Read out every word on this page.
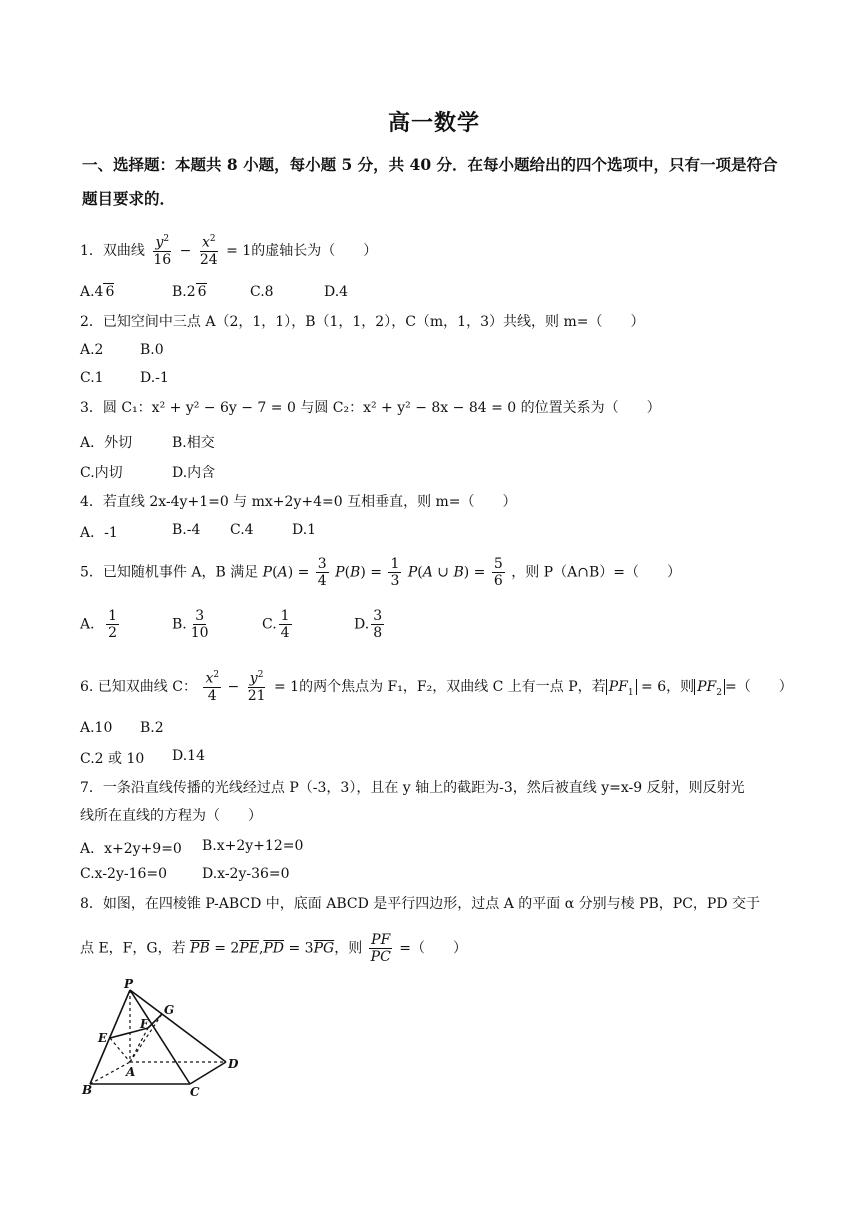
高一数学
一、选择题：本题共 8 小题，每小题 5 分，共 40 分．在每小题给出的四个选项中，只有一项是符合题目要求的．
1．双曲线 $\frac{y^2}{16} - \frac{x^2}{24} = 1$的虚轴长为（　　）
A.4 6	B.2 6	C.8	D.4
2．已知空间中三点 A（2，1，1），B（1，1，2），C（m，1，3）共线，则 m=（　　）
A.2	B.0
C.1	D.-1
3．圆 C₁：x² + y² − 6y − 7 = 0 与圆 C₂：x² + y² − 8x − 84 = 0 的位置关系为（　　）
A．外切	B.相交
C.内切	D.内含
4．若直线 2x-4y+1=0 与 mx+2y+4=0 互相垂直，则 m=（　　）
A．-1	B.-4 C.4	D.1
5．已知随机事件 A，B 满足 $P(A) = \frac{3}{4} P(B) = \frac{1}{3} P(A$ ∪ $B) = \frac{5}{6}$ ，则 P（A∩B）=（　　）
A． $\frac{1}{2}$	B. $\frac{3}{10}$	C. $\frac{1}{4}$	D. $\frac{3}{8}$
6. 已知双曲线 C： $\frac{x^2}{4} - \frac{y^2}{21} = 1$的两个焦点为 F₁，F₂，双曲线 C 上有一点 P，若 $PF_1 = 6$，则 $PF_2$ =（　　）
A.10 B.2
C.2 或 10 D.14
7．一条沿直线传播的光线经过点 P（-3，3），且在 y 轴上的截距为-3，然后被直线 y=x-9 反射，则反射光
线所在直线的方程为（　　）
A．x+2y+9=0 B.x+2y+12=0
C.x-2y-16=0 D.x-2y-36=0
8．如图，在四棱锥 P-ABCD 中，底面 ABCD 是平行四边形，过点 A 的平面 α 分别与棱 PB，PC，PD 交于
点 E，F，G，若 $\overline{PB} = 2\overline{PE},\overline{PD} = 3\overline{PG}$，则 $\frac{PF}{PC}$ =（　　）
P
G
F
E
A
D
B	C
